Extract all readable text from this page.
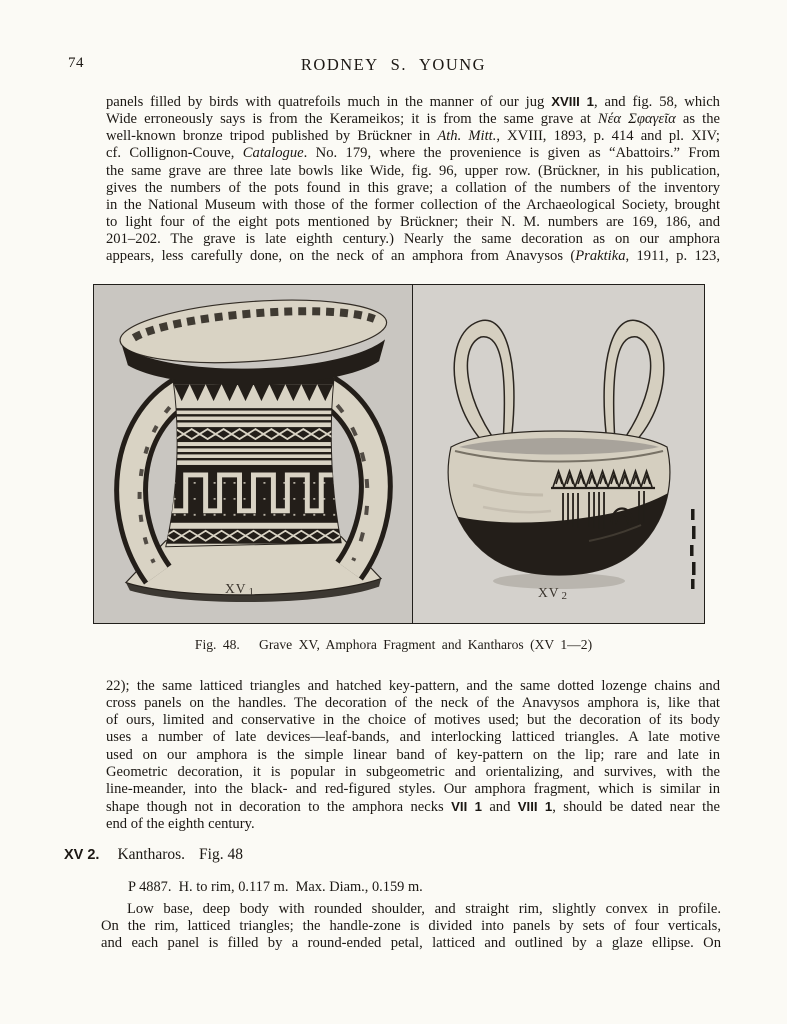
74	RODNEY S. YOUNG
panels filled by birds with quatrefoils much in the manner of our jug XVIII 1, and fig. 58, which
Wide erroneously says is from the Kerameikos; it is from the same grave at Νέα Σφαγεῖα as the
well-known bronze tripod published by Brückner in Ath. Mitt., XVIII, 1893, p. 414 and pl. XIV;
cf. Collignon-Couve, Catalogue. No. 179, where the provenience is given as “Abattoirs.” From
the same grave are three late bowls like Wide, fig. 96, upper row. (Brückner, in his publication,
gives the numbers of the pots found in this grave; a collation of the numbers of the inventory
in the National Museum with those of the former collection of the Archaeological Society, brought
to light four of the eight pots mentioned by Brückner; their N. M. numbers are 169, 186, and
201–202. The grave is late eighth century.) Nearly the same decoration as on our amphora
appears, less carefully done, on the neck of an amphora from Anavysos (Praktika, 1911, p. 123,
XV 1	XV 2
Fig. 48.   Grave XV, Amphora Fragment and Kantharos (XV 1—2)
22); the same latticed triangles and hatched key-pattern, and the same dotted lozenge chains and
cross panels on the handles. The decoration of the neck of the Anavysos amphora is, like that
of ours, limited and conservative in the choice of motives used; but the decoration of its body
uses a number of late devices—leaf-bands, and interlocking latticed triangles. A late motive
used on our amphora is the simple linear band of key-pattern on the lip; rare and late in
Geometric decoration, it is popular in subgeometric and orientalizing, and survives, with the
line-meander, into the black- and red-figured styles. Our amphora fragment, which is similar in
shape though not in decoration to the amphora necks VII 1 and VIII 1, should be dated near the
end of the eighth century.
XV 2. Kantharos. Fig. 48
P 4887.  H. to rim, 0.117 m.  Max. Diam., 0.159 m.
Low base, deep body with rounded shoulder, and straight rim, slightly convex in profile.
On the rim, latticed triangles; the handle-zone is divided into panels by sets of four verticals,
and each panel is filled by a round-ended petal, latticed and outlined by a glaze ellipse. On
